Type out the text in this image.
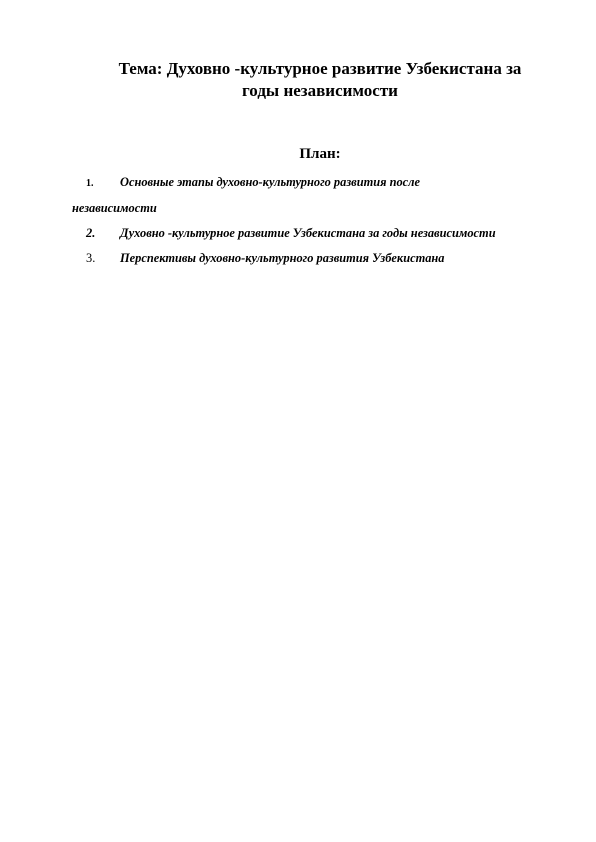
Тема: Духовно -культурное развитие Узбекистана за
годы независимости
План:
1. Основные этапы духовно-культурного развития после
независимости
2. Духовно -культурное развитие Узбекистана за годы независимости
3. Перспективы духовно-культурного развития Узбекистана
